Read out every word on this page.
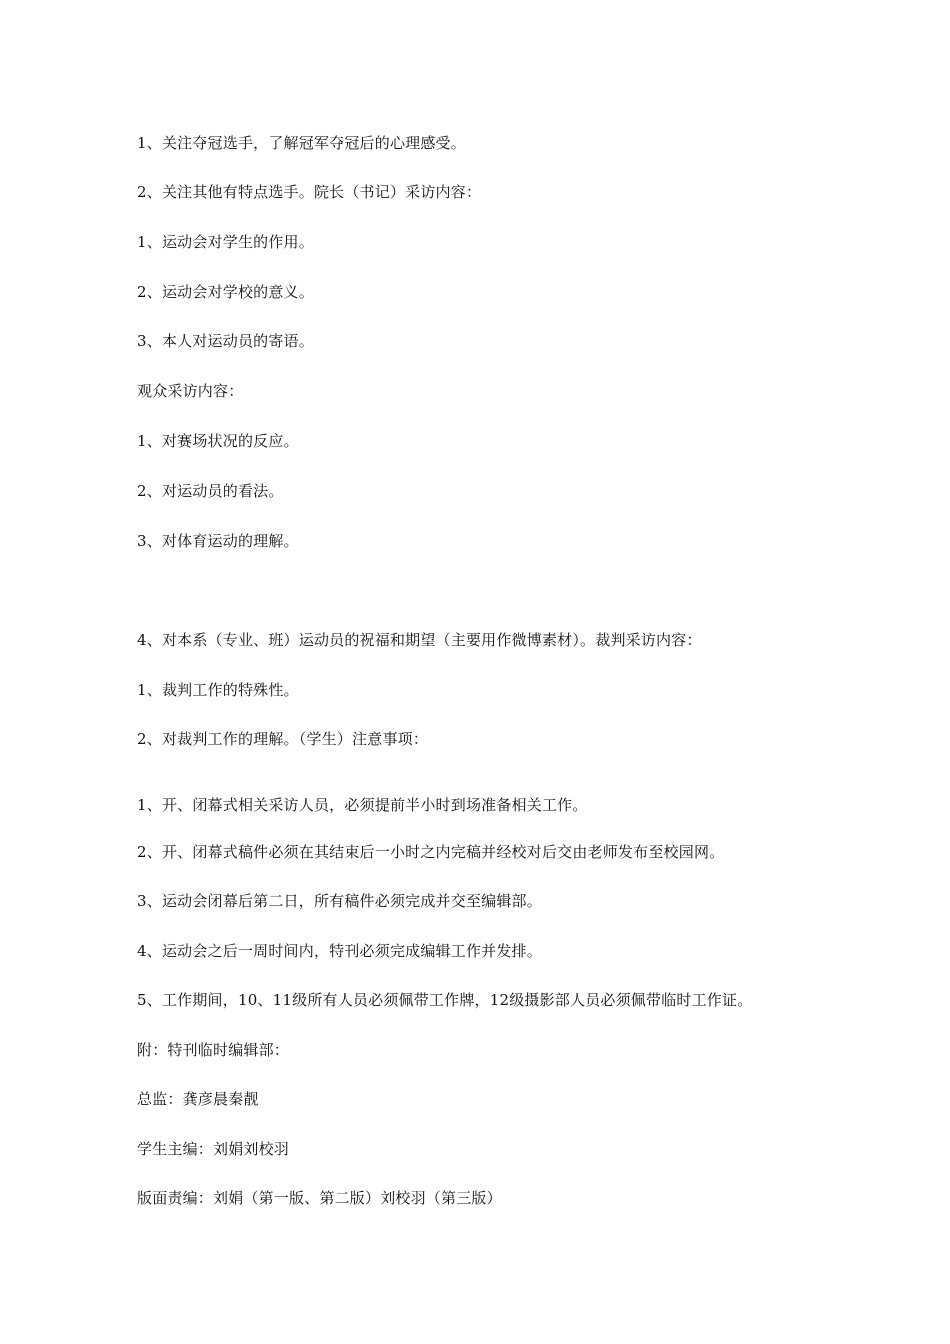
1、关注夺冠选手，了解冠军夺冠后的心理感受。
2、关注其他有特点选手。院长（书记）采访内容：
1、运动会对学生的作用。
2、运动会对学校的意义。
3、本人对运动员的寄语。
观众采访内容：
1、对赛场状况的反应。
2、对运动员的看法。
3、对体育运动的理解。
4、对本系（专业、班）运动员的祝福和期望（主要用作微博素材）。裁判采访内容：
1、裁判工作的特殊性。
2、对裁判工作的理解。（学生）注意事项：
1、开、闭幕式相关采访人员，必须提前半小时到场准备相关工作。
2、开、闭幕式稿件必须在其结束后一小时之内完稿并经校对后交由老师发布至校园网。
3、运动会闭幕后第二日，所有稿件必须完成并交至编辑部。
4、运动会之后一周时间内，特刊必须完成编辑工作并发排。
5、工作期间，10、11级所有人员必须佩带工作牌，12级摄影部人员必须佩带临时工作证。
附：特刊临时编辑部：
总监：龚彦晨秦靓
学生主编：刘娟刘校羽
版面责编：刘娟（第一版、第二版）刘校羽（第三版）
